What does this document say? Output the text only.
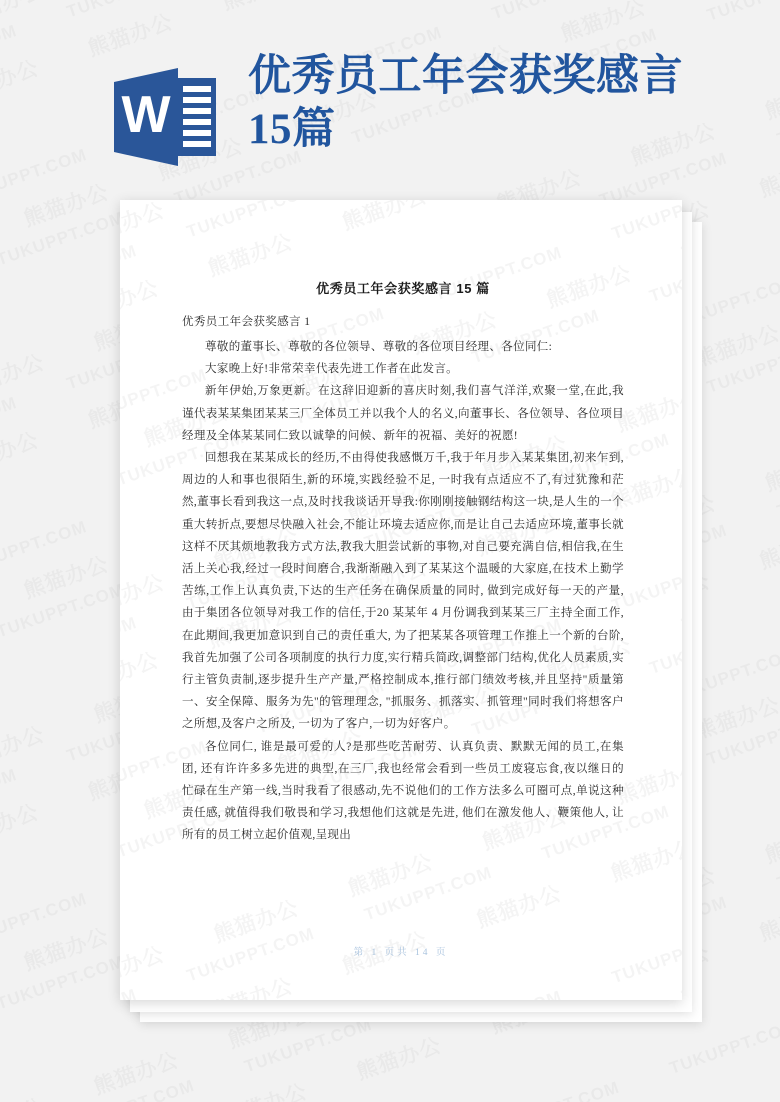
W
优秀员工年会获奖感言15篇
优秀员工年会获奖感言 15 篇

优秀员工年会获奖感言 1

尊敬的董事长、尊敬的各位领导、尊敬的各位项目经理、各位同仁:

大家晚上好!非常荣幸代表先进工作者在此发言。

新年伊始,万象更新。在这辞旧迎新的喜庆时刻,我们喜气洋洋,欢聚一堂,在此,我谨代表某某集团某某三厂全体员工并以我个人的名义,向董事长、各位领导、各位项目经理及全体某某同仁致以诚挚的问候、新年的祝福、美好的祝愿!

回想我在某某成长的经历,不由得使我感慨万千,我于年月步入某某集团,初来乍到,周边的人和事也很陌生,新的环境,实践经验不足, 一时我有点适应不了,有过犹豫和茫然,董事长看到我这一点,及时找我谈话开导我:你刚刚接触钢结构这一块,是人生的一个重大转折点,要想尽快融入社会,不能让环境去适应你,而是让自己去适应环境,董事长就这样不厌其烦地教我方式方法,教我大胆尝试新的事物,对自己要充满自信,相信我,在生活上关心我,经过一段时间磨合,我渐渐融入到了某某这个温暖的大家庭,在技术上勤学苦练,工作上认真负责,下达的生产任务在确保质量的同时, 做到完成好每一天的产量,由于集团各位领导对我工作的信任,于20 某某年 4 月份调我到某某三厂主持全面工作,在此期间,我更加意识到自己的责任重大, 为了把某某各项管理工作推上一个新的台阶,我首先加强了公司各项制度的执行力度,实行精兵简政,调整部门结构,优化人员素质,实行主管负责制,逐步提升生产产量,严格控制成本,推行部门绩效考核,并且坚持"质量第一、安全保障、服务为先"的管理理念, "抓服务、抓落实、抓管理"同时我们将想客户之所想,及客户之所及, 一切为了客户,一切为好客户。

各位同仁, 谁是最可爱的人?是那些吃苦耐劳、认真负责、默默无闻的员工,在集团, 还有许许多多先进的典型,在三厂,我也经常会看到一些员工废寝忘食,夜以继日的忙碌在生产第一线,当时我看了很感动,先不说他们的工作方法多么可圈可点,单说这种责任感, 就值得我们敬畏和学习,我想他们这就是先进, 他们在激发他人、鞭策他人, 让所有的员工树立起价值观,呈现出

第 1 页共 14 页
